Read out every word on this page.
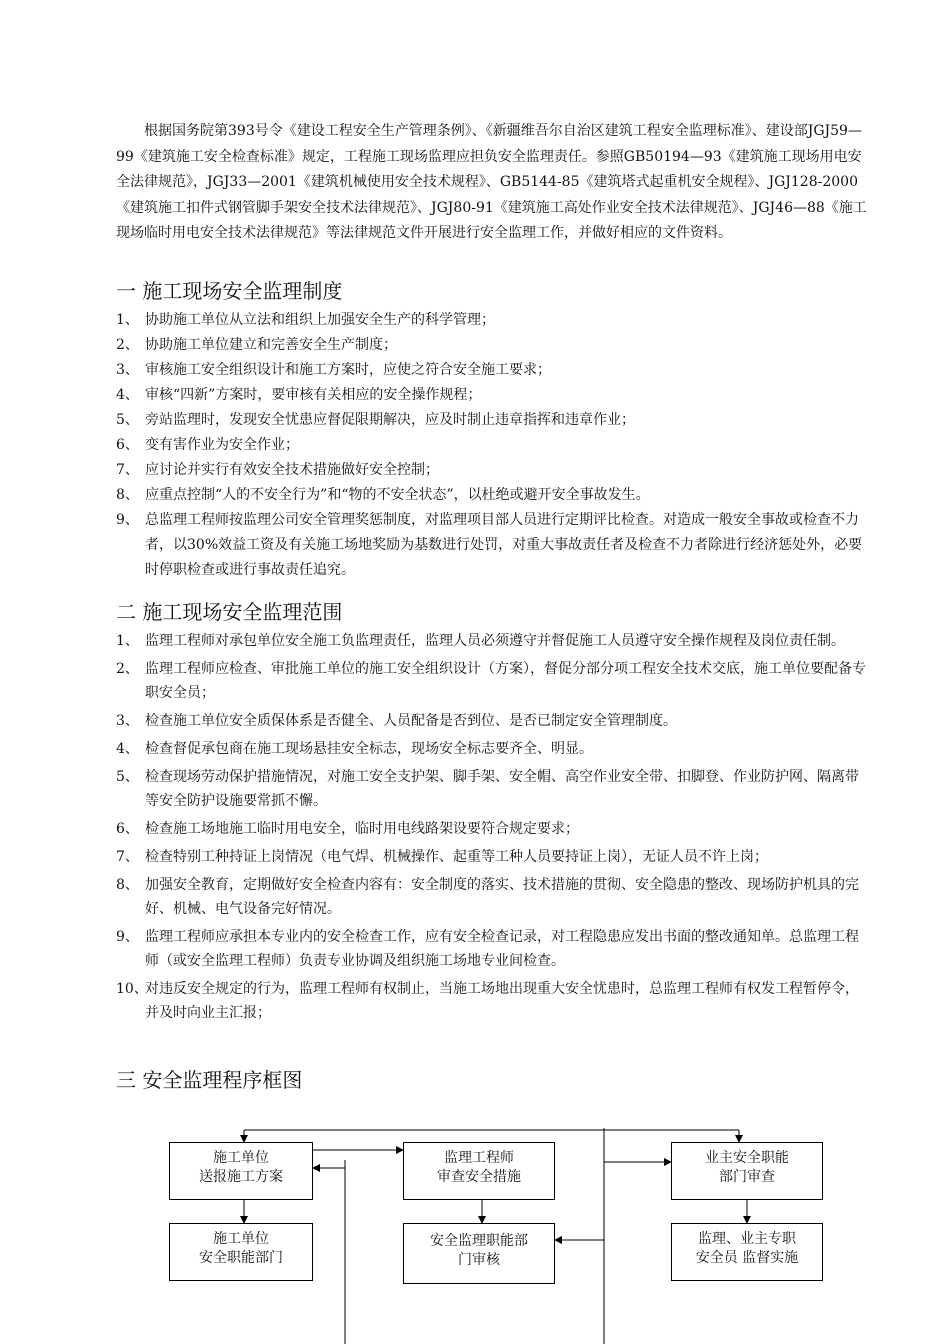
根据国务院第393号令《建设工程安全生产管理条例》、《新疆维吾尔自治区建筑工程安全监理标准》、建设部JGJ59—99《建筑施工安全检查标准》规定，工程施工现场监理应担负安全监理责任。参照GB50194—93《建筑施工现场用电安全法律规范》，JGJ33—2001《建筑机械使用安全技术规程》、GB5144-85《建筑塔式起重机安全规程》、JGJ128-2000《建筑施工扣件式钢管脚手架安全技术法律规范》、JGJ80-91《建筑施工高处作业安全技术法律规范》、JGJ46—88《施工现场临时用电安全技术法律规范》等法律规范文件开展进行安全监理工作，并做好相应的文件资料。

一 施工现场安全监理制度
1、 协助施工单位从立法和组织上加强安全生产的科学管理；
2、 协助施工单位建立和完善安全生产制度；
3、 审核施工安全组织设计和施工方案时，应使之符合安全施工要求；
4、 审核“四新”方案时，要审核有关相应的安全操作规程；
5、 旁站监理时，发现安全忧患应督促限期解决，应及时制止违章指挥和违章作业；
6、 变有害作业为安全作业；
7、 应讨论并实行有效安全技术措施做好安全控制；
8、 应重点控制“人的不安全行为”和“物的不安全状态”，以杜绝或避开安全事故发生。
9、 总监理工程师按监理公司安全管理奖惩制度，对监理项目部人员进行定期评比检查。对造成一般安全事故或检查不力者，以30%效益工资及有关施工场地奖励为基数进行处罚，对重大事故责任者及检查不力者除进行经济惩处外，必要时停职检查或进行事故责任追究。
二 施工现场安全监理范围
1、 监理工程师对承包单位安全施工负监理责任，监理人员必须遵守并督促施工人员遵守安全操作规程及岗位责任制。
2、 监理工程师应检查、审批施工单位的施工安全组织设计（方案），督促分部分项工程安全技术交底，施工单位要配备专职安全员；
3、 检查施工单位安全质保体系是否健全、人员配备是否到位、是否已制定安全管理制度。
4、 检查督促承包商在施工现场悬挂安全标志，现场安全标志要齐全、明显。
5、 检查现场劳动保护措施情况，对施工安全支护架、脚手架、安全帽、高空作业安全带、扣脚登、作业防护网、隔离带等安全防护设施要常抓不懈。
6、 检查施工场地施工临时用电安全，临时用电线路架设要符合规定要求；
7、 检查特别工种持证上岗情况（电气焊、机械操作、起重等工种人员要持证上岗），无证人员不许上岗；
8、 加强安全教育，定期做好安全检查内容有：安全制度的落实、技术措施的贯彻、安全隐患的整改、现场防护机具的完好、机械、电气设备完好情况。
9、 监理工程师应承担本专业内的安全检查工作，应有安全检查记录，对工程隐患应发出书面的整改通知单。总监理工程师（或安全监理工程师）负责专业协调及组织施工场地专业间检查。
10、
对违反安全规定的行为，监理工程师有权制止，当施工场地出现重大安全忧患时，总监理工程师有权发工程暂停令，并及时向业主汇报；
三 安全监理程序框图
施工单位
送报施工方案
监理工程师
审查安全措施
业主安全职能
部门审查
施工单位
安全职能部门
安全监理职能部
门审核
监理、业主专职
安全员 监督实施
